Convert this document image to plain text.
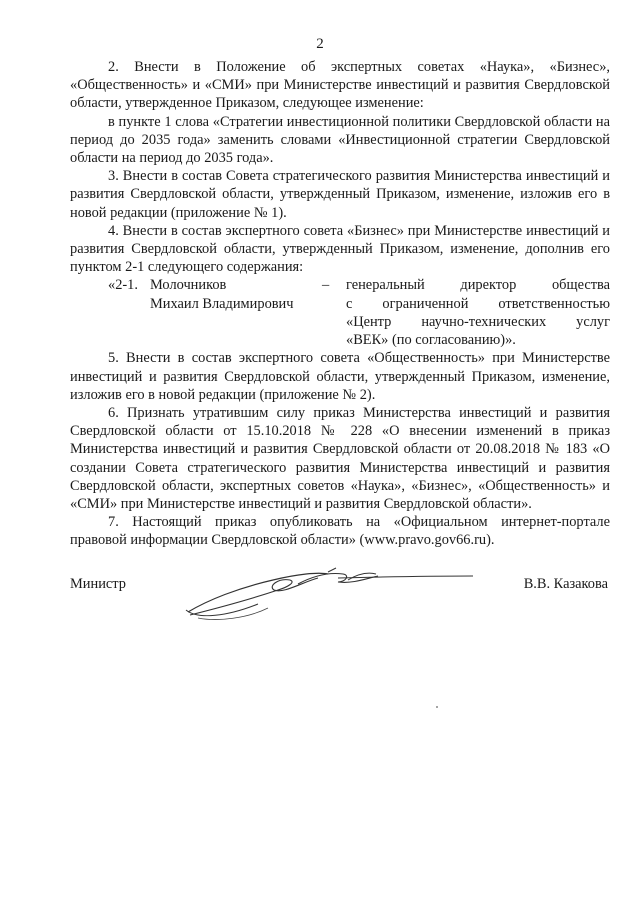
2

2. Внести в Положение об экспертных советах «Наука», «Бизнес», «Общественность» и «СМИ» при Министерстве инвестиций и развития Свердловской области, утвержденное Приказом, следующее изменение:

в пункте 1 слова «Стратегии инвестиционной политики Свердловской области на период до 2035 года» заменить словами «Инвестиционной стратегии Свердловской области на период до 2035 года».

3. Внести в состав Совета стратегического развития Министерства инвестиций и развития Свердловской области, утвержденный Приказом, изменение, изложив его в новой редакции (приложение № 1).

4. Внести в состав экспертного совета «Бизнес» при Министерстве инвестиций и развития Свердловской области, утвержденный Приказом, изменение, дополнив его пунктом 2-1 следующего содержания:

«2-1. Молочников
Михаил Владимирович
– генеральный директор общества
с ограниченной ответственностью
«Центр научно-технических услуг
«ВЕК» (по согласованию)».

5. Внести в состав экспертного совета «Общественность» при Министерстве инвестиций и развития Свердловской области, утвержденный Приказом, изменение, изложив его в новой редакции (приложение № 2).

6. Признать утратившим силу приказ Министерства инвестиций и развития Свердловской области от 15.10.2018 № 228 «О внесении изменений в приказ Министерства инвестиций и развития Свердловской области от 20.08.2018 № 183 «О создании Совета стратегического развития Министерства инвестиций и развития Свердловской области, экспертных советов «Наука», «Бизнес», «Общественность» и «СМИ» при Министерстве инвестиций и развития Свердловской области».

7. Настоящий приказ опубликовать на «Официальном интернет-портале правовой информации Свердловской области» (www.pravo.gov66.ru).

Министр	В.В. Казакова
